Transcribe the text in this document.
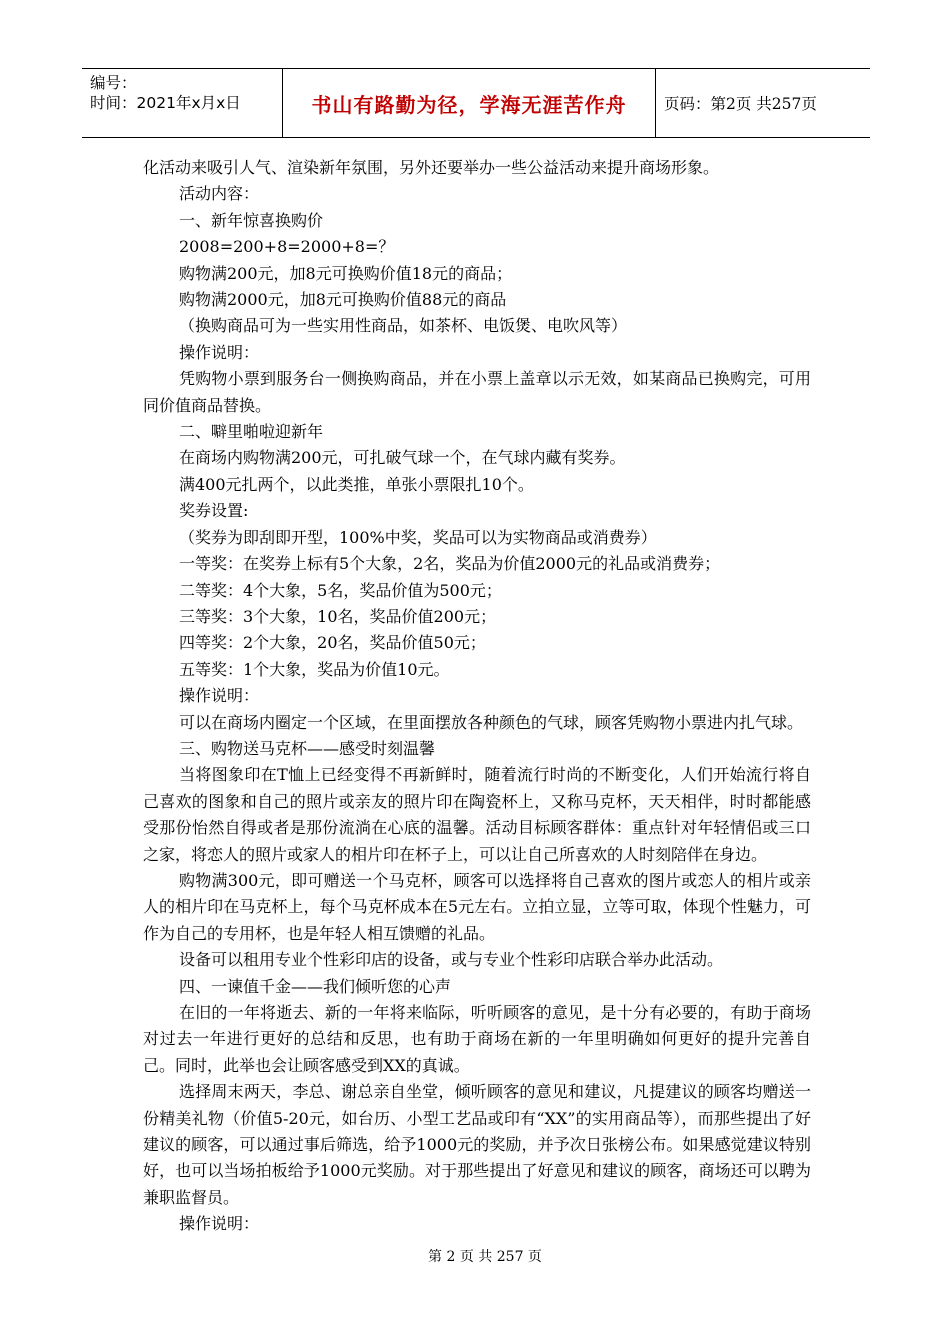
编号：
时间：2021年x月x日	书山有路勤为径，学海无涯苦作舟 页码：第2页 共257页

化活动来吸引人气、渲染新年氛围，另外还要举办一些公益活动来提升商场形象。

活动内容：

一、新年惊喜换购价

2008=200+8=2000+8=？

购物满200元，加8元可换购价值18元的商品；

购物满2000元，加8元可换购价值88元的商品

（换购商品可为一些实用性商品，如茶杯、电饭煲、电吹风等）

操作说明：

凭购物小票到服务台一侧换购商品，并在小票上盖章以示无效，如某商品已换购完，可用同价值商品替换。

二、噼里啪啦迎新年

在商场内购物满200元，可扎破气球一个，在气球内藏有奖券。

满400元扎两个，以此类推，单张小票限扎10个。

奖券设置:

（奖券为即刮即开型，100%中奖，奖品可以为实物商品或消费券）

一等奖：在奖券上标有5个大象，2名，奖品为价值2000元的礼品或消费券；

二等奖：4个大象，5名，奖品价值为500元；

三等奖：3个大象，10名，奖品价值200元；

四等奖：2个大象，20名，奖品价值50元；

五等奖：1个大象，奖品为价值10元。

操作说明：

可以在商场内圈定一个区域，在里面摆放各种颜色的气球，顾客凭购物小票进内扎气球。

三、购物送马克杯——感受时刻温馨

当将图象印在T恤上已经变得不再新鲜时，随着流行时尚的不断变化，人们开始流行将自己喜欢的图象和自己的照片或亲友的照片印在陶瓷杯上，又称马克杯，天天相伴，时时都能感受那份怡然自得或者是那份流淌在心底的温馨。活动目标顾客群体：重点针对年轻情侣或三口之家，将恋人的照片或家人的相片印在杯子上，可以让自己所喜欢的人时刻陪伴在身边。

购物满300元，即可赠送一个马克杯，顾客可以选择将自己喜欢的图片或恋人的相片或亲人的相片印在马克杯上，每个马克杯成本在5元左右。立拍立显，立等可取，体现个性魅力，可作为自己的专用杯，也是年轻人相互馈赠的礼品。

设备可以租用专业个性彩印店的设备，或与专业个性彩印店联合举办此活动。

四、一谏值千金——我们倾听您的心声

在旧的一年将逝去、新的一年将来临际，听听顾客的意见，是十分有必要的，有助于商场对过去一年进行更好的总结和反思，也有助于商场在新的一年里明确如何更好的提升完善自己。同时，此举也会让顾客感受到XX的真诚。

选择周末两天，李总、谢总亲自坐堂，倾听顾客的意见和建议，凡提建议的顾客均赠送一份精美礼物（价值5-20元，如台历、小型工艺品或印有“XX”的实用商品等），而那些提出了好建议的顾客，可以通过事后筛选，给予1000元的奖励，并予次日张榜公布。如果感觉建议特别好，也可以当场拍板给予1000元奖励。对于那些提出了好意见和建议的顾客，商场还可以聘为兼职监督员。

操作说明：

第 2 页 共 257 页
